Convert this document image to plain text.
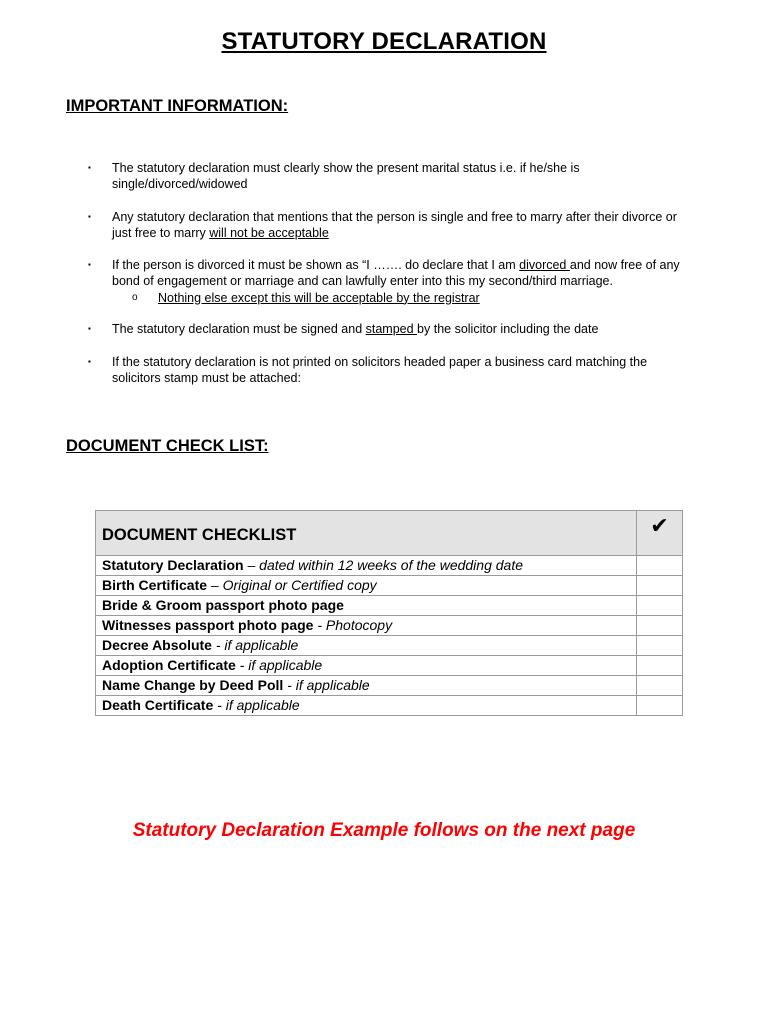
STATUTORY DECLARATION
IMPORTANT INFORMATION:
▪ The statutory declaration must clearly show the present marital status i.e. if he/she is
single/divorced/widowed
▪ Any statutory declaration that mentions that the person is single and free to marry after their divorce or
just free to marry will not be acceptable
▪ If the person is divorced it must be shown as “I ……. do declare that I am divorced and now free of any
bond of engagement or marriage and can lawfully enter into this my second/third marriage.
o Nothing else except this will be acceptable by the registrar
▪ The statutory declaration must be signed and stamped by the solicitor including the date
▪ If the statutory declaration is not printed on solicitors headed paper a business card matching the
solicitors stamp must be attached:
DOCUMENT CHECK LIST:
DOCUMENT CHECKLIST	✔
Statutory Declaration – dated within 12 weeks of the wedding date	
Birth Certificate – Original or Certified copy	
Bride & Groom passport photo page	
Witnesses passport photo page - Photocopy	
Decree Absolute - if applicable	
Adoption Certificate - if applicable	
Name Change by Deed Poll - if applicable	
Death Certificate - if applicable	
Statutory Declaration Example follows on the next page
